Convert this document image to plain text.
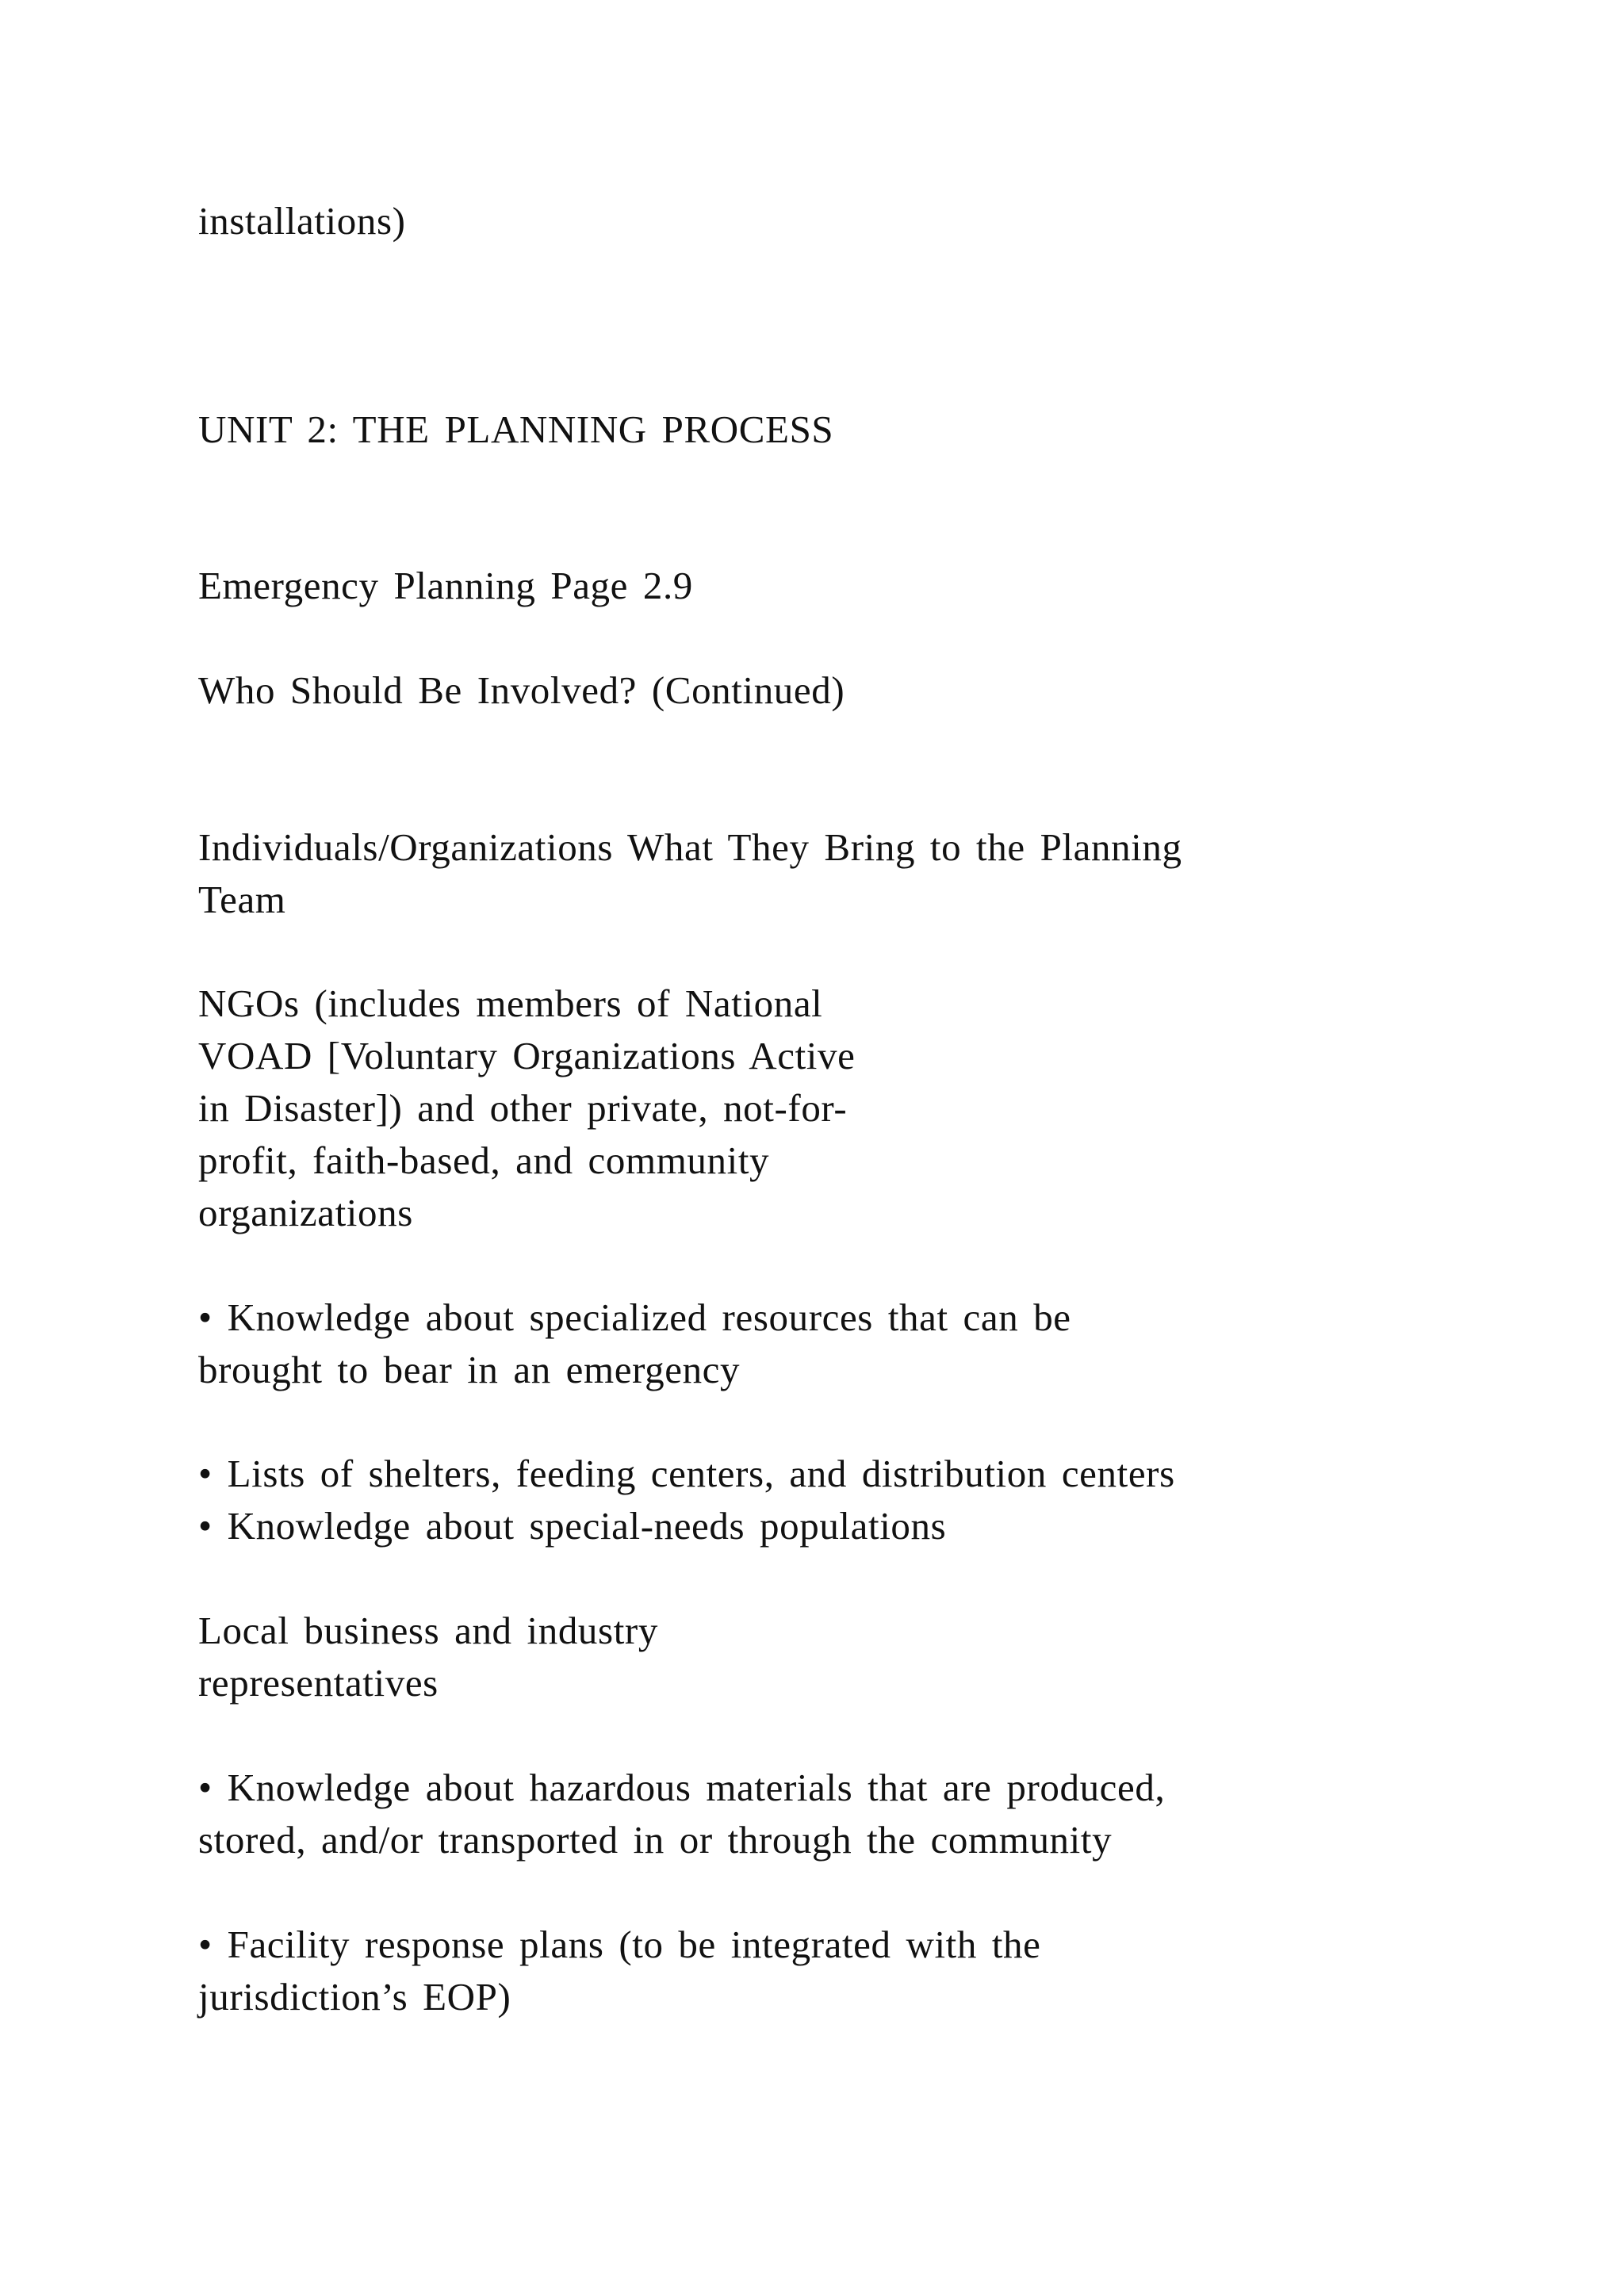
installations)

UNIT 2: THE PLANNING PROCESS

Emergency Planning Page 2.9

Who Should Be Involved? (Continued)

Individuals/Organizations What They Bring to the Planning

Team

NGOs (includes members of National

VOAD [Voluntary Organizations Active

in Disaster]) and other private, not-for-

profit, faith-based, and community

organizations

• Knowledge about specialized resources that can be

brought to bear in an emergency

• Lists of shelters, feeding centers, and distribution centers

• Knowledge about special-needs populations

Local business and industry

representatives

• Knowledge about hazardous materials that are produced,

stored, and/or transported in or through the community

• Facility response plans (to be integrated with the

jurisdiction’s EOP)
